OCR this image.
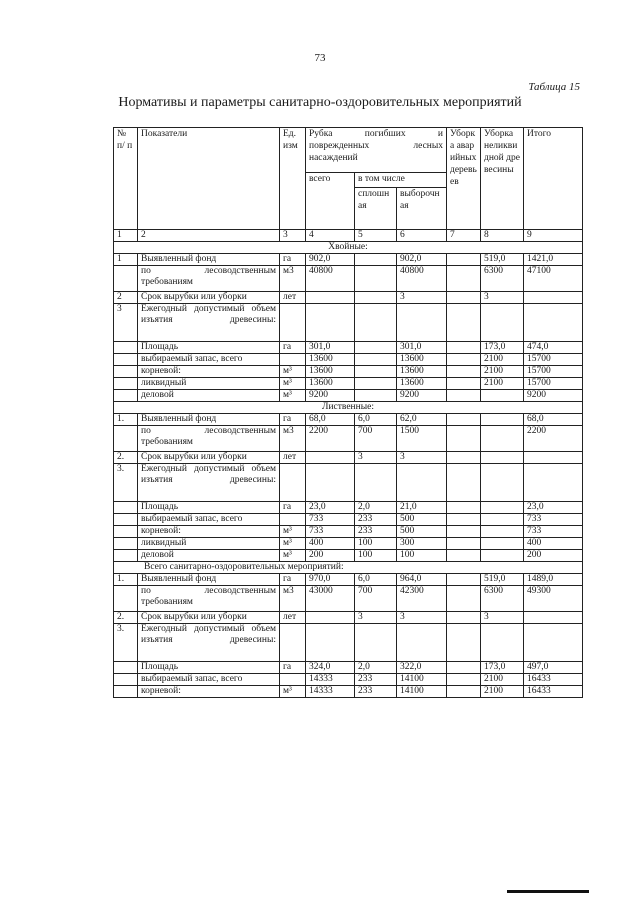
73
Таблица 15
Нормативы и параметры санитарно-оздоровительных мероприятий
№ п/ п	Показатели	Ед. изм	Рубка погибших и поврежденных лесных насаждений			Уборка аварийных деревьев	Уборка неликвидной древесины	Итого
			всего	в том числе				
				сплошная	выборочная			
1	2	3	4	5	6	7	8	9
Хвойные:								
1	Выявленный фонд	га	902,0		902,0		519,0	1421,0
	по лесоводственным требованиям	м3	40800		40800		6300	47100
2	Срок вырубки или уборки	лет			3		3	
3	Ежегодный допустимый объем изъятия древесины:							
	Площадь	га	301,0		301,0		173,0	474,0
	выбираемый запас, всего		13600		13600		2100	15700
	корневой:	м³	13600		13600		2100	15700
	ликвидный	м³	13600		13600		2100	15700
	деловой	м³	9200		9200			9200
Лиственные:								
1.	Выявленный фонд	га	68,0	6,0	62,0			68,0
	по лесоводственным требованиям	м3	2200	700	1500			2200
2.	Срок вырубки или уборки	лет		3	3			
3.	Ежегодный допустимый объем изъятия древесины:							
	Площадь	га	23,0	2,0	21,0			23,0
	выбираемый запас, всего		733	233	500			733
	корневой:	м³	733	233	500			733
	ликвидный	м³	400	100	300			400
	деловой	м³	200	100	100			200
Всего санитарно-оздоровительных мероприятий:								
1.	Выявленный фонд	га	970,0	6,0	964,0		519,0	1489,0
	по лесоводственным требованиям	м3	43000	700	42300		6300	49300
2.	Срок вырубки или уборки	лет		3	3		3	
3.	Ежегодный допустимый объем изъятия древесины:							
	Площадь	га	324,0	2,0	322,0		173,0	497,0
	выбираемый запас, всего		14333	233	14100		2100	16433
	корневой:	м³	14333	233	14100		2100	16433
